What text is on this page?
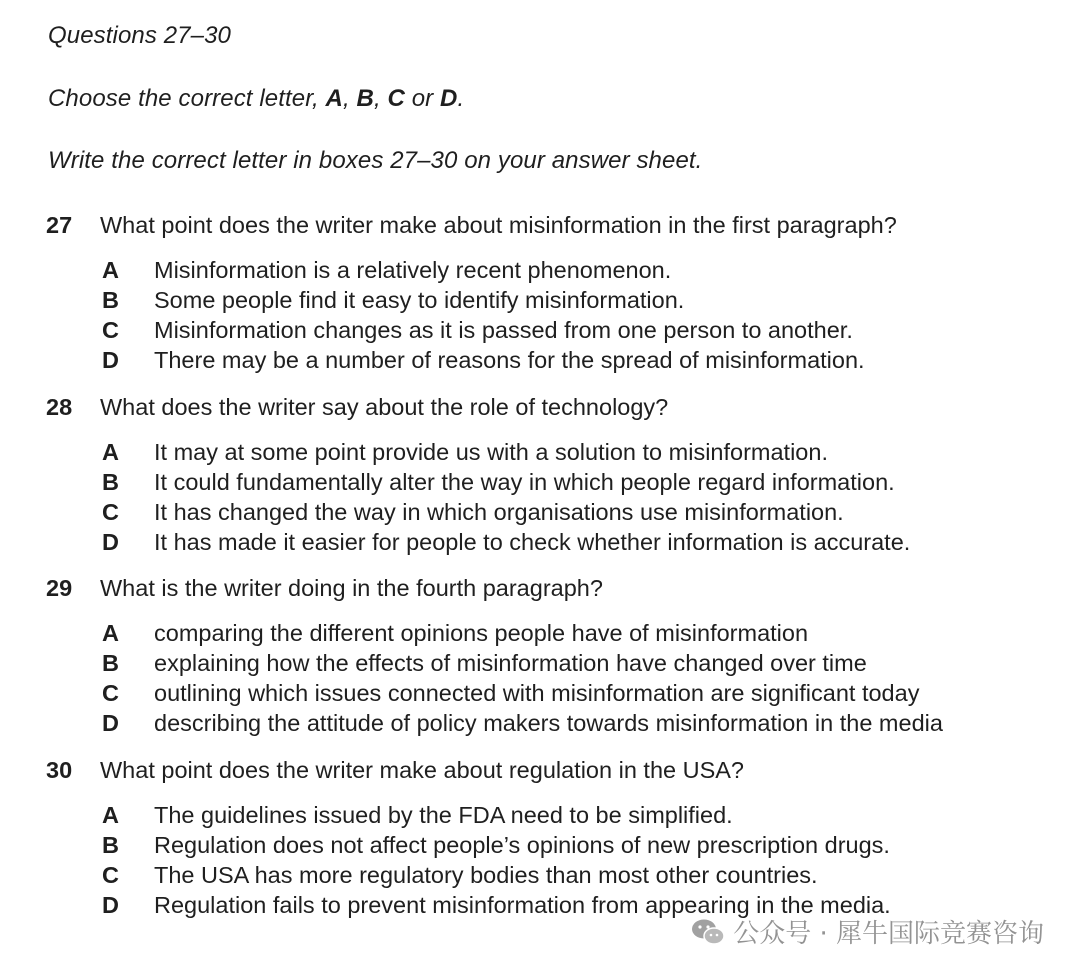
Questions 27–30
Choose the correct letter, A, B, C or D.
Write the correct letter in boxes 27–30 on your answer sheet.
27	What point does the writer make about misinformation in the first paragraph?
A	Misinformation is a relatively recent phenomenon.
B	Some people find it easy to identify misinformation.
C	Misinformation changes as it is passed from one person to another.
D	There may be a number of reasons for the spread of misinformation.
28	What does the writer say about the role of technology?
A	It may at some point provide us with a solution to misinformation.
B	It could fundamentally alter the way in which people regard information.
C	It has changed the way in which organisations use misinformation.
D	It has made it easier for people to check whether information is accurate.
29	What is the writer doing in the fourth paragraph?
A	comparing the different opinions people have of misinformation
B	explaining how the effects of misinformation have changed over time
C	outlining which issues connected with misinformation are significant today
D	describing the attitude of policy makers towards misinformation in the media
30	What point does the writer make about regulation in the USA?
A	The guidelines issued by the FDA need to be simplified.
B	Regulation does not affect people’s opinions of new prescription drugs.
C	The USA has more regulatory bodies than most other countries.
D	Regulation fails to prevent misinformation from appearing in the media.
公众号 · 犀牛国际竞赛咨询
